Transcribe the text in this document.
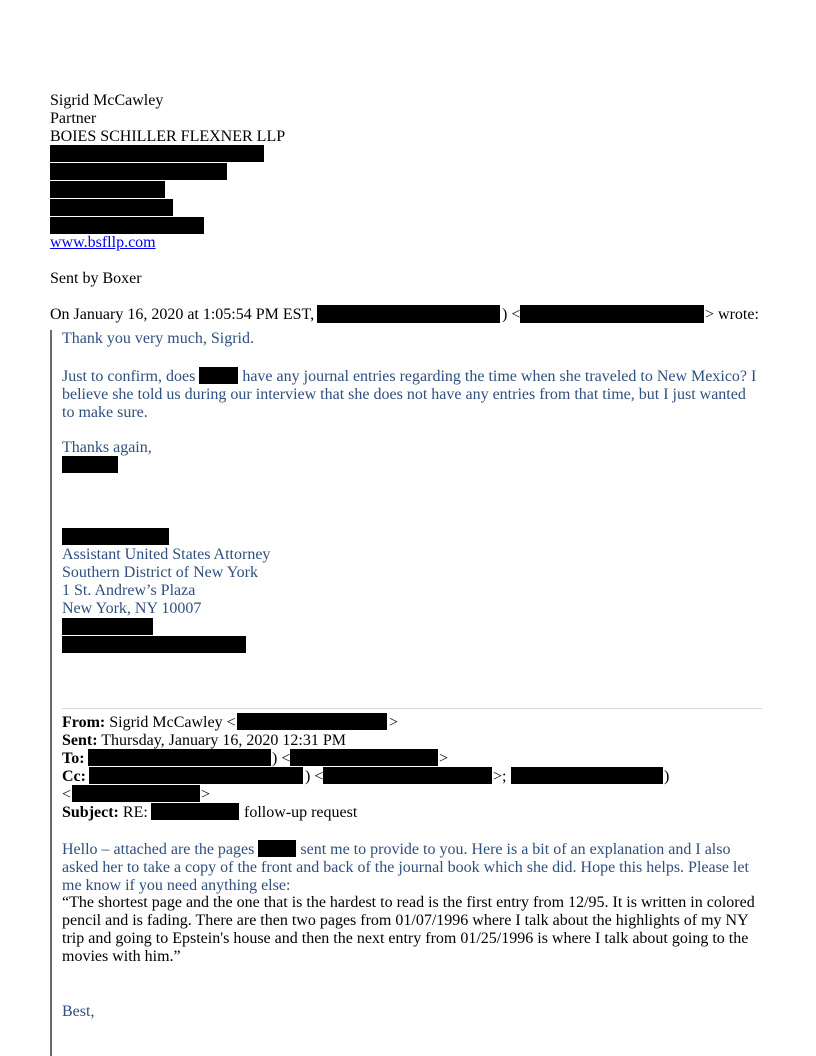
Sigrid McCawley
Partner
BOIES SCHILLER FLEXNER LLP
www.bsfllp.com
Sent by Boxer
On January 16, 2020 at 1:05:54 PM EST,	) <	> wrote:
Thank you very much, Sigrid.
Just to confirm, does	have any journal entries regarding the time when she traveled to New Mexico? I believe she told us during our interview that she does not have any entries from that time, but I just wanted to make sure.
Thanks again,
Assistant United States Attorney
Southern District of New York
1 St. Andrew’s Plaza
New York, NY 10007
From: Sigrid McCawley <	>
Sent: Thursday, January 16, 2020 12:31 PM
To:	) <	>
Cc:	) <	>;	)
<	>
Subject: RE:	follow-up request
Hello – attached are the pages	sent me to provide to you. Here is a bit of an explanation and I also asked her to take a copy of the front and back of the journal book which she did. Hope this helps. Please let me know if you need anything else:
“The shortest page and the one that is the hardest to read is the first entry from 12/95. It is written in colored pencil and is fading. There are then two pages from 01/07/1996 where I talk about the highlights of my NY trip and going to Epstein's house and then the next entry from 01/25/1996 is where I talk about going to the movies with him.”
Best,
